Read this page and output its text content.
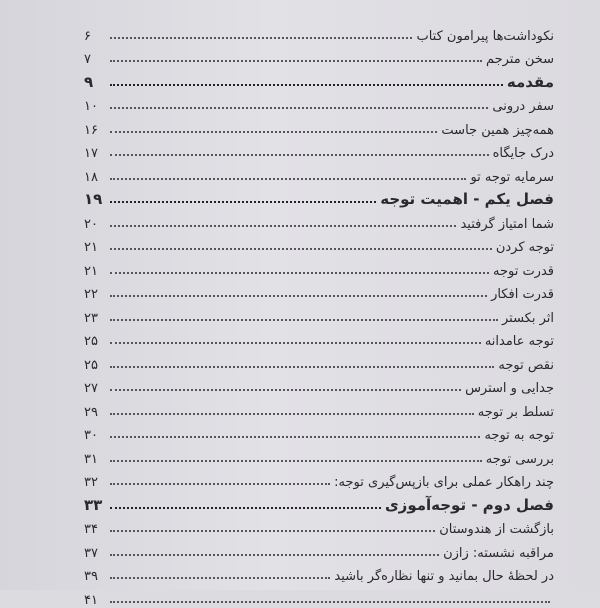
نکوداشت‌ها پیرامون کتاب
۶
سخن مترجم
۷
مقدمه
۹
سفر درونی
۱۰
همه‌چیز همین جاست
۱۶
درک جایگاه
۱۷
سرمایه توجه تو
۱۸
فصل یکم - اهمیت توجه
۱۹
شما امتیاز گرفتید
۲۰
توجه کردن
۲۱
قدرت توجه
۲۱
قدرت افکار
۲۲
اثر بکستر
۲۳
توجه عامدانه
۲۵
نقص توجه
۲۵
جدایی و استرس
۲۷
تسلط بر توجه
۲۹
توجه به توجه
۳۰
بررسی توجه
۳۱
چند راهکار عملی برای بازپس‌گیری توجه:
۳۲
فصل دوم - توجه‌آموزی
۳۳
بازگشت از هندوستان
۳۴
مراقبه نشسته: زازن
۳۷
در لحظهٔ حال بمانید و تنها نظاره‌گر باشید
۳۹
۴۱
